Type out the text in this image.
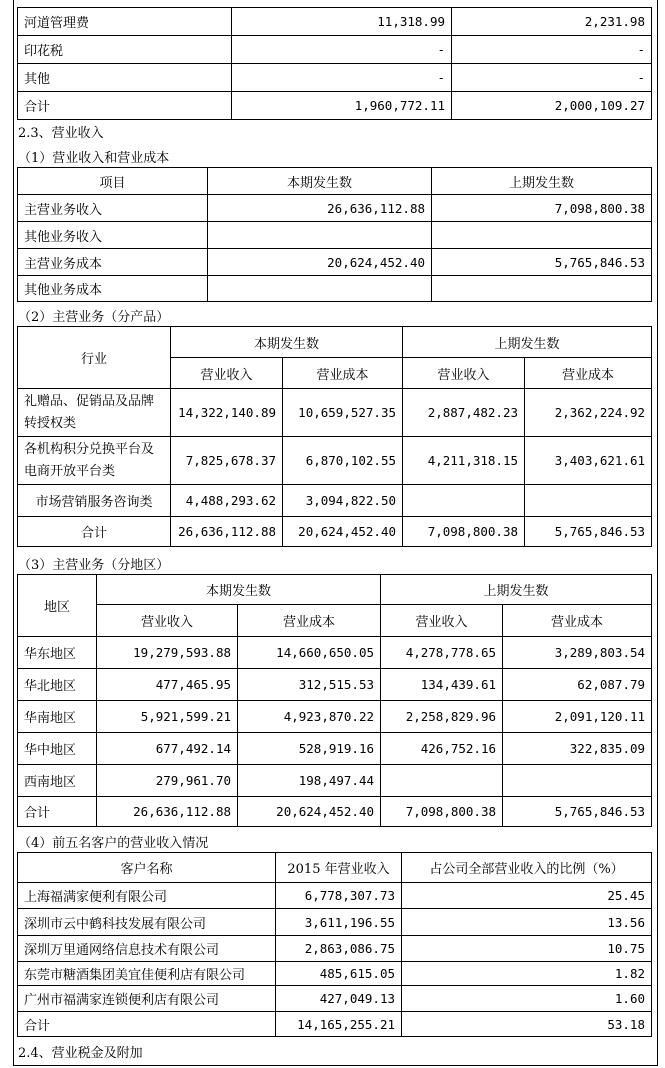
河道管理费	11,318.99	2,231.98
印花税	-	-
其他	-	-
合计	1,960,772.11	2,000,109.27
2.3、营业收入
（1）营业收入和营业成本
项目	本期发生数	上期发生数
主营业务收入	26,636,112.88	7,098,800.38
其他业务收入		
主营业务成本	20,624,452.40	5,765,846.53
其他业务成本		
（2）主营业务（分产品）
行业	本期发生数		上期发生数	
	营业收入	营业成本	营业收入	营业成本
礼赠品、促销品及品牌转授权类	14,322,140.89	10,659,527.35	2,887,482.23	2,362,224.92
各机构积分兑换平台及电商开放平台类	7,825,678.37	6,870,102.55	4,211,318.15	3,403,621.61
市场营销服务咨询类	4,488,293.62	3,094,822.50		
合计	26,636,112.88	20,624,452.40	7,098,800.38	5,765,846.53
（3）主营业务（分地区）
地区	本期发生数		上期发生数	
	营业收入	营业成本	营业收入	营业成本
华东地区	19,279,593.88	14,660,650.05	4,278,778.65	3,289,803.54
华北地区	477,465.95	312,515.53	134,439.61	62,087.79
华南地区	5,921,599.21	4,923,870.22	2,258,829.96	2,091,120.11
华中地区	677,492.14	528,919.16	426,752.16	322,835.09
西南地区	279,961.70	198,497.44		
合计	26,636,112.88	20,624,452.40	7,098,800.38	5,765,846.53
（4）前五名客户的营业收入情况
客户名称	2015 年营业收入	占公司全部营业收入的比例（%）
上海福满家便利有限公司	6,778,307.73	25.45
深圳市云中鹤科技发展有限公司	3,611,196.55	13.56
深圳万里通网络信息技术有限公司	2,863,086.75	10.75
东莞市糖酒集团美宜佳便利店有限公司	485,615.05	1.82
广州市福满家连锁便利店有限公司	427,049.13	1.60
合计	14,165,255.21	53.18
2.4、营业税金及附加
